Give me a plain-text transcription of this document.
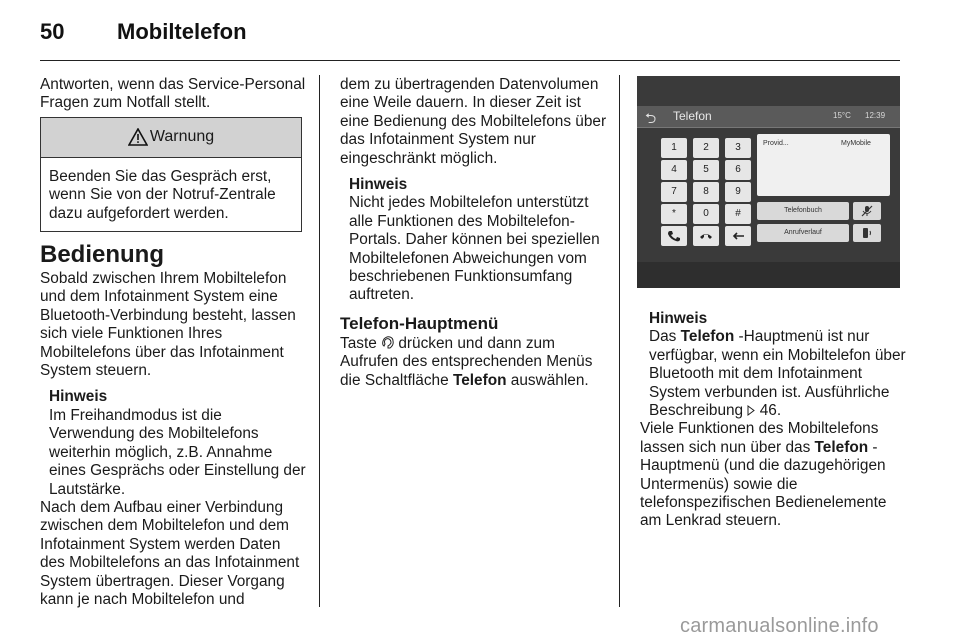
50 Mobiltelefon

Antworten, wenn das Service-Personal Fragen zum Notfall stellt.

Warnung
Beenden Sie das Gespräch erst, wenn Sie von der Notruf-Zentrale dazu aufgefordert werden.
Bedienung

Sobald zwischen Ihrem Mobiltelefon und dem Infotainment System eine Bluetooth-Verbindung besteht, lassen sich viele Funktionen Ihres Mobiltelefons über das Infotainment System steuern.

Hinweis
Im Freihandmodus ist die Verwendung des Mobiltelefons weiterhin möglich, z.B. Annahme eines Gesprächs oder Einstellung der Lautstärke.

Nach dem Aufbau einer Verbindung zwischen dem Mobiltelefon und dem Infotainment System werden Daten des Mobiltelefons an das Infotainment System übertragen. Dieser Vorgang kann je nach Mobiltelefon und

dem zu übertragenden Datenvolumen eine Weile dauern. In dieser Zeit ist eine Bedienung des Mobiltelefons über das Infotainment System nur eingeschränkt möglich.

Hinweis
Nicht jedes Mobiltelefon unterstützt alle Funktionen des Mobiltelefon-Portals. Daher können bei speziellen Mobiltelefonen Abweichungen vom beschriebenen Funktionsumfang auftreten.
Telefon-Hauptmenü

Taste  drücken und dann zum Aufrufen des entsprechenden Menüs die Schaltfläche Telefon auswählen.

⮌ Telefon	15°C 12:39
1	2	3
4	5	6
7	8	9
*	0	#
Provid...	MyMobile
Telefonbuch
Anrufverlauf
Hinweis
Das Telefon -Hauptmenü ist nur verfügbar, wenn ein Mobiltelefon über Bluetooth mit dem Infotainment System verbunden ist. Ausführliche Beschreibung  46.

Viele Funktionen des Mobiltelefons lassen sich nun über das Telefon -Hauptmenü (und die dazugehörigen Untermenüs) sowie die telefonspezifischen Bedienelemente am Lenkrad steuern.

carmanualsonline.info
